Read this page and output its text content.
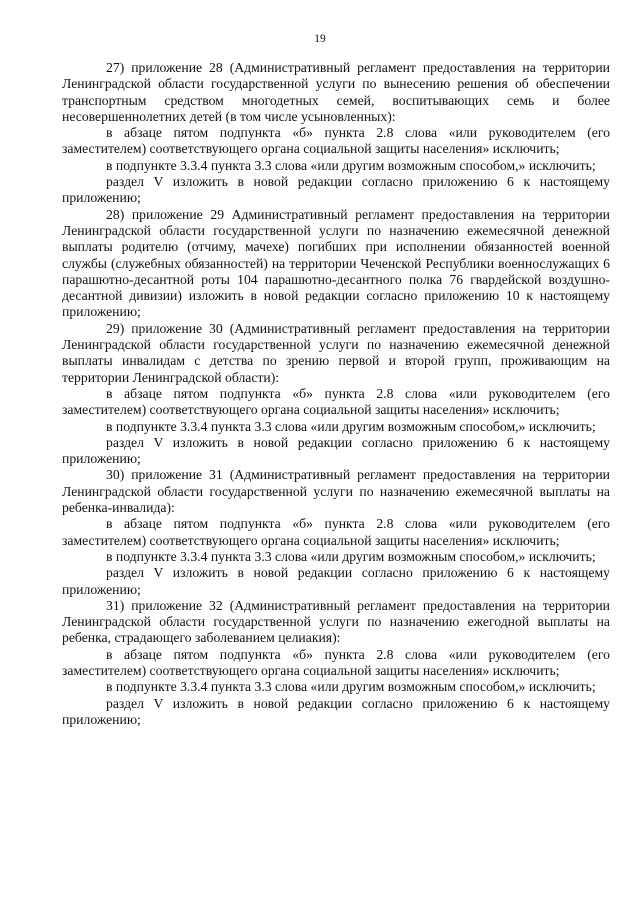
19

27) приложение 28 (Административный регламент предоставления на территории Ленинградской области государственной услуги по вынесению решения об обеспечении транспортным средством многодетных семей, воспитывающих семь и более несовершеннолетних детей (в том числе усыновленных):

в абзаце пятом подпункта «б» пункта 2.8 слова «или руководителем (его заместителем) соответствующего органа социальной защиты населения» исключить;

в подпункте 3.3.4 пункта 3.3 слова «или другим возможным способом,» исключить;

раздел V изложить в новой редакции согласно приложению 6 к настоящему приложению;

28) приложение 29 Административный регламент предоставления на территории Ленинградской области государственной услуги по назначению ежемесячной денежной выплаты родителю (отчиму, мачехе) погибших при исполнении обязанностей военной службы (служебных обязанностей) на территории Чеченской Республики военнослужащих 6 парашютно-десантной роты 104 парашютно-десантного полка 76 гвардейской воздушно-десантной дивизии) изложить в новой редакции согласно приложению 10 к настоящему приложению;

29) приложение 30 (Административный регламент предоставления на территории Ленинградской области государственной услуги по назначению ежемесячной денежной выплаты инвалидам с детства по зрению первой и второй групп, проживающим на территории Ленинградской области):

в абзаце пятом подпункта «б» пункта 2.8 слова «или руководителем (его заместителем) соответствующего органа социальной защиты населения» исключить;

в подпункте 3.3.4 пункта 3.3 слова «или другим возможным способом,» исключить;

раздел V изложить в новой редакции согласно приложению 6 к настоящему приложению;

30) приложение 31 (Административный регламент предоставления на территории Ленинградской области государственной услуги по назначению ежемесячной выплаты на ребенка-инвалида):

в абзаце пятом подпункта «б» пункта 2.8 слова «или руководителем (его заместителем) соответствующего органа социальной защиты населения» исключить;

в подпункте 3.3.4 пункта 3.3 слова «или другим возможным способом,» исключить;

раздел V изложить в новой редакции согласно приложению 6 к настоящему приложению;

31) приложение 32 (Административный регламент предоставления на территории Ленинградской области государственной услуги по назначению ежегодной выплаты на ребенка, страдающего заболеванием целиакия):

в абзаце пятом подпункта «б» пункта 2.8 слова «или руководителем (его заместителем) соответствующего органа социальной защиты населения» исключить;

в подпункте 3.3.4 пункта 3.3 слова «или другим возможным способом,» исключить;

раздел V изложить в новой редакции согласно приложению 6 к настоящему приложению;
